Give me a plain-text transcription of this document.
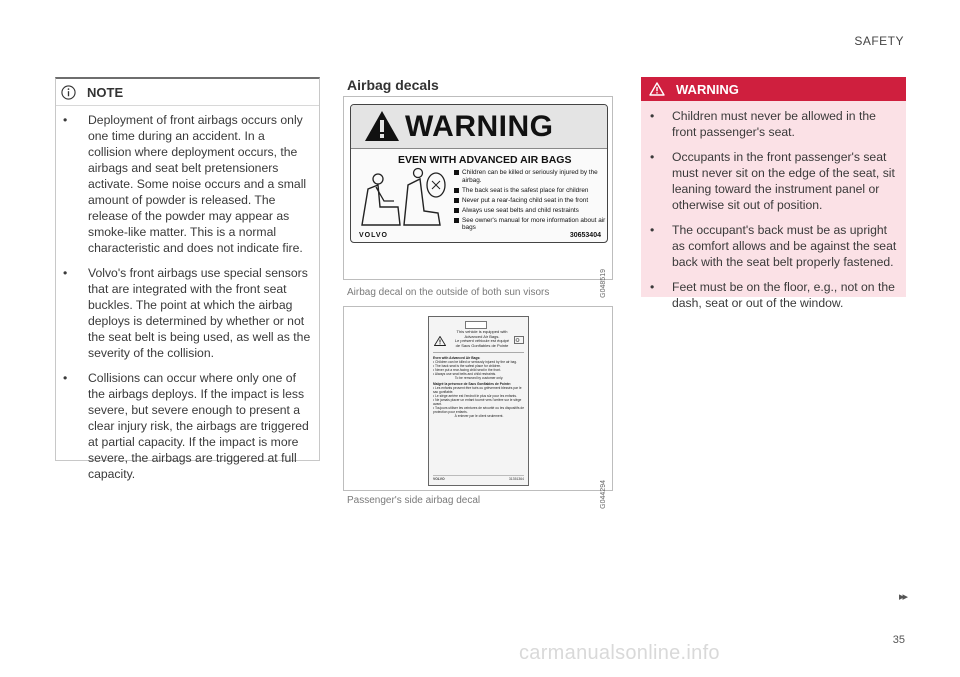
SAFETY
NOTE
• Deployment of front airbags occurs only one time during an accident. In a collision where deployment occurs, the airbags and seat belt pretensioners activate. Some noise occurs and a small amount of powder is released. The release of the powder may appear as smoke-like matter. This is a normal characteristic and does not indicate fire.
• Volvo's front airbags use special sensors that are integrated with the front seat buckles. The point at which the airbag deploys is determined by whether or not the seat belt is being used, as well as the severity of the collision.
• Collisions can occur where only one of the airbags deploys. If the impact is less severe, but severe enough to present a clear injury risk, the airbags are triggered at partial capacity. If the impact is more severe, the airbags are triggered at full capacity.
Airbag decals
WARNING
EVEN WITH ADVANCED AIR BAGS
Children can be killed or seriously injured by the airbag.
The back seat is the safest place for children
Never put a rear-facing child seat in the front
Always use seat belts and child restraints
See owner's manual for more information about air bags
VOLVO	30653404
G048519
Airbag decal on the outside of both sun visors
This vehicle is equipped with
Advanced Air Bags.
Le présent véhicule est équipé
de Sacs Gonflables de Pointe

Even with Advanced Air Bags:

• Children can be killed or seriously injured by the air bag.

• The back seat is the safest place for children.

• Never put a rear-facing child seat in the front.

• Always use seat belts and child restraints.

To be removed by customer only.

Malgré la présence de Sacs Gonflables de Pointe:

• Les enfants peuvent être tués ou grièvement blessés par le sac gonflable.

• Le siège arrière est l'endroit le plus sûr pour les enfants.

• Ne jamais placer un enfant tourné vers l'arrière sur le siège avant.

• Toujours utiliser les ceintures de sécurité ou les dispositifs de protection pour enfants.

À enlever par le client seulement.

VOLVO	31351364
G044294
Passenger's side airbag decal
WARNING
• Children must never be allowed in the front passenger's seat.
• Occupants in the front passenger's seat must never sit on the edge of the seat, sit leaning toward the instrument panel or otherwise sit out of position.
• The occupant's back must be as upright as comfort allows and be against the seat back with the seat belt properly fastened.
• Feet must be on the floor, e.g., not on the dash, seat or out of the window.
▸▸
35
carmanualsonline.info
